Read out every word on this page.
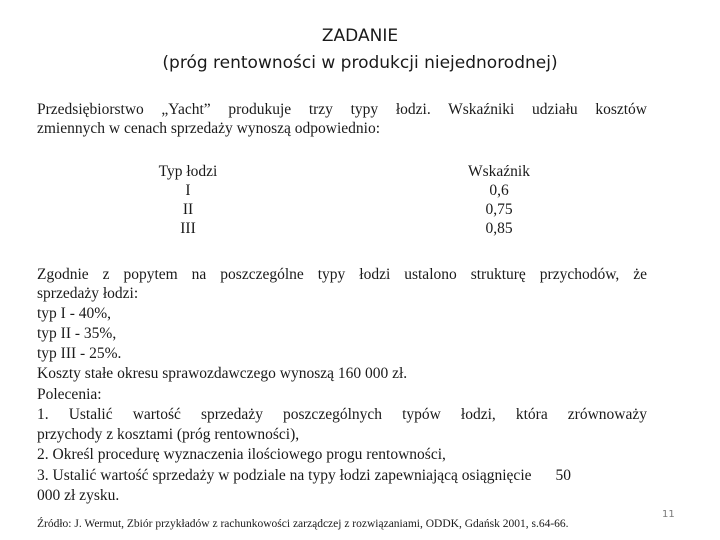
ZADANIE
(próg rentowności w produkcji niejednorodnej)
Przedsiębiorstwo „Yacht” produkuje trzy typy łodzi. Wskaźniki udziału kosztów
zmiennych w cenach sprzedaży wynoszą odpowiednio:
Typ łodzi
I
II
III
Wskaźnik
0,6
0,75
0,85
Zgodnie z popytem na poszczególne typy łodzi ustalono strukturę przychodów, że
sprzedaży łodzi:
typ I - 40%,
typ II - 35%,
typ III - 25%.
Koszty stałe okresu sprawozdawczego wynoszą 160 000 zł.
Polecenia:
1. Ustalić wartość sprzedaży poszczególnych typów łodzi, która zrównoważy
przychody z kosztami (próg rentowności),
2. Określ procedurę wyznaczenia ilościowego progu rentowności,
3. Ustalić wartość sprzedaży w podziale na typy łodzi zapewniającą osiągnięcie 50
000 zł zysku.
Źródło: J. Wermut, Zbiór przykładów z rachunkowości zarządczej z rozwiązaniami, ODDK, Gdańsk 2001, s.64-66.
11
